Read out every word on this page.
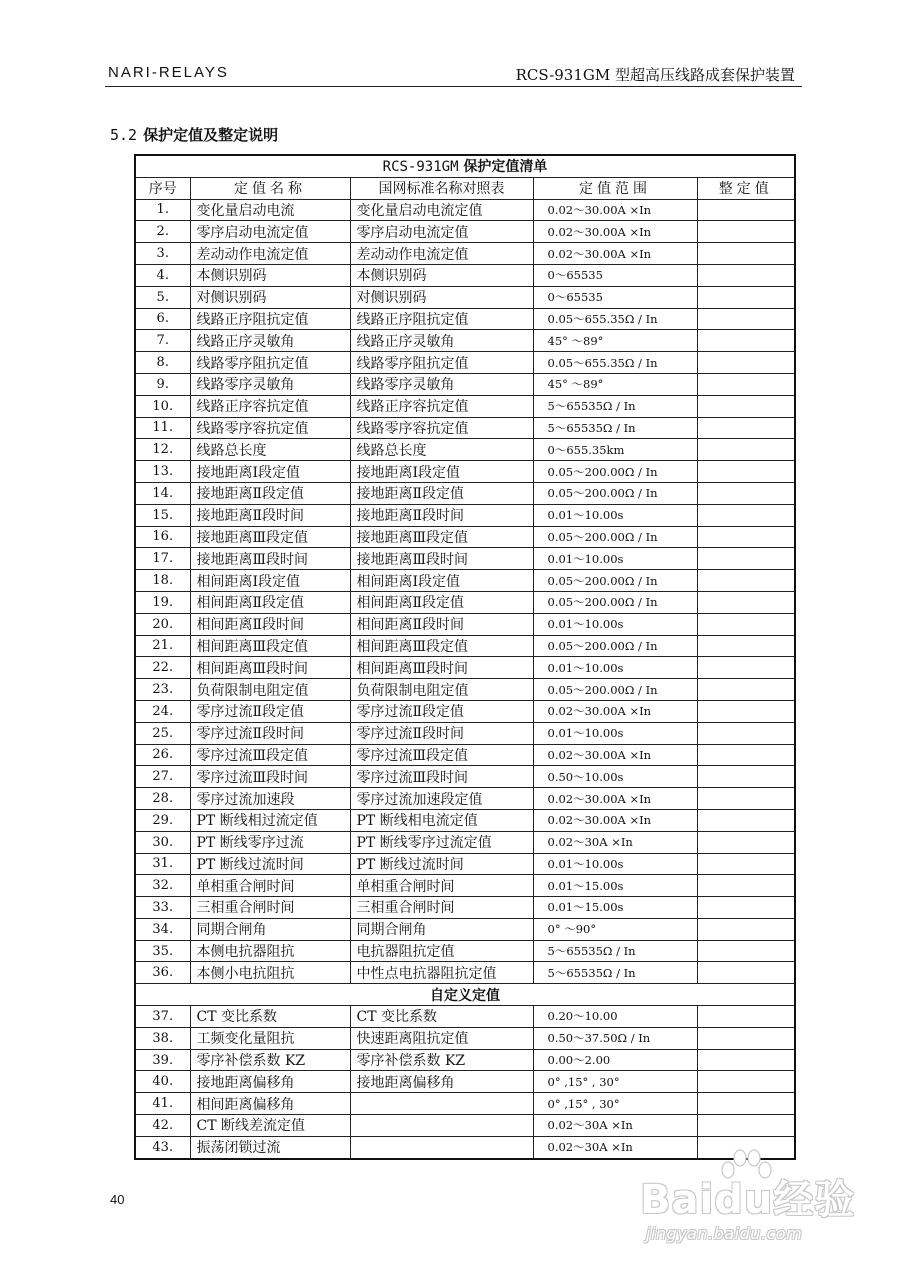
NARI-RELAYS	RCS-931GM 型超高压线路成套保护装置
5.2 保护定值及整定说明
RCS-931GM 保护定值清单				
序号	定值名称	国网标准名称对照表	定值范围	整定值
1.	变化量启动电流	变化量启动电流定值	0.02～30.00A ×In	
2.	零序启动电流定值	零序启动电流定值	0.02～30.00A ×In	
3.	差动动作电流定值	差动动作电流定值	0.02～30.00A ×In	
4.	本侧识别码	本侧识别码	0～65535	
5.	对侧识别码	对侧识别码	0～65535	
6.	线路正序阻抗定值	线路正序阻抗定值	0.05～655.35Ω / In	
7.	线路正序灵敏角	线路正序灵敏角	45° ～89°	
8.	线路零序阻抗定值	线路零序阻抗定值	0.05～655.35Ω / In	
9.	线路零序灵敏角	线路零序灵敏角	45° ～89°	
10.	线路正序容抗定值	线路正序容抗定值	5～65535Ω / In	
11.	线路零序容抗定值	线路零序容抗定值	5～65535Ω / In	
12.	线路总长度	线路总长度	0～655.35km	
13.	接地距离Ⅰ段定值	接地距离Ⅰ段定值	0.05～200.00Ω / In	
14.	接地距离Ⅱ段定值	接地距离Ⅱ段定值	0.05～200.00Ω / In	
15.	接地距离Ⅱ段时间	接地距离Ⅱ段时间	0.01～10.00s	
16.	接地距离Ⅲ段定值	接地距离Ⅲ段定值	0.05～200.00Ω / In	
17.	接地距离Ⅲ段时间	接地距离Ⅲ段时间	0.01～10.00s	
18.	相间距离Ⅰ段定值	相间距离Ⅰ段定值	0.05～200.00Ω / In	
19.	相间距离Ⅱ段定值	相间距离Ⅱ段定值	0.05～200.00Ω / In	
20.	相间距离Ⅱ段时间	相间距离Ⅱ段时间	0.01～10.00s	
21.	相间距离Ⅲ段定值	相间距离Ⅲ段定值	0.05～200.00Ω / In	
22.	相间距离Ⅲ段时间	相间距离Ⅲ段时间	0.01～10.00s	
23.	负荷限制电阻定值	负荷限制电阻定值	0.05～200.00Ω / In	
24.	零序过流Ⅱ段定值	零序过流Ⅱ段定值	0.02～30.00A ×In	
25.	零序过流Ⅱ段时间	零序过流Ⅱ段时间	0.01～10.00s	
26.	零序过流Ⅲ段定值	零序过流Ⅲ段定值	0.02～30.00A ×In	
27.	零序过流Ⅲ段时间	零序过流Ⅲ段时间	0.50～10.00s	
28.	零序过流加速段	零序过流加速段定值	0.02～30.00A ×In	
29.	PT 断线相过流定值	PT 断线相电流定值	0.02～30.00A ×In	
30.	PT 断线零序过流	PT 断线零序过流定值	0.02～30A ×In	
31.	PT 断线过流时间	PT 断线过流时间	0.01～10.00s	
32.	单相重合闸时间	单相重合闸时间	0.01～15.00s	
33.	三相重合闸时间	三相重合闸时间	0.01～15.00s	
34.	同期合闸角	同期合闸角	0° ～90°	
35.	本侧电抗器阻抗	电抗器阻抗定值	5～65535Ω / In	
36.	本侧小电抗阻抗	中性点电抗器阻抗定值	5～65535Ω / In	
自定义定值				
37.	CT 变比系数	CT 变比系数	0.20～10.00	
38.	工频变化量阻抗	快速距离阻抗定值	0.50～37.50Ω / In	
39.	零序补偿系数 KZ	零序补偿系数 KZ	0.00～2.00	
40.	接地距离偏移角	接地距离偏移角	0° ,15° , 30°	
41.	相间距离偏移角		0° ,15° , 30°	
42.	CT 断线差流定值		0.02～30A ×In	
43.	振荡闭锁过流		0.02～30A ×In	
40	Baidu经验
jingyan.baidu.com
